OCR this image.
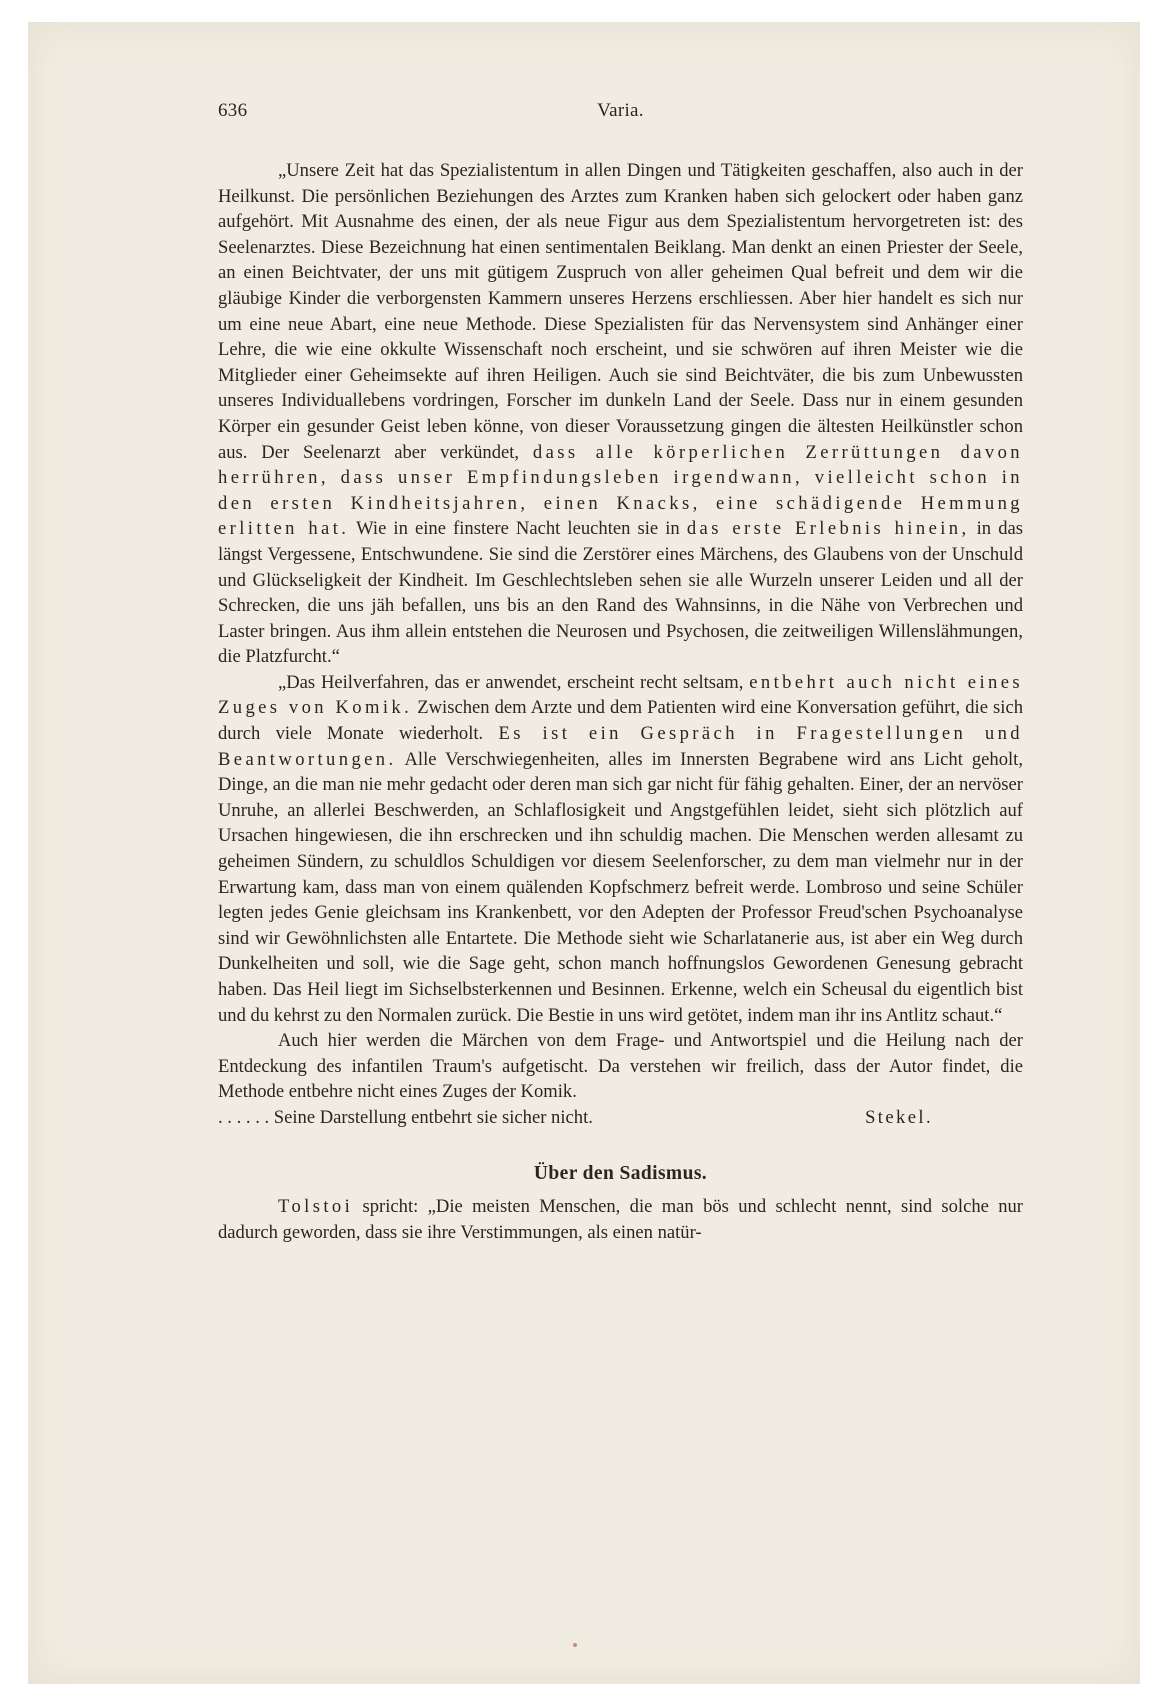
636	Varia.

„Unsere Zeit hat das Spezialistentum in allen Dingen und Tätigkeiten geschaffen, also auch in der Heilkunst. Die persönlichen Beziehungen des Arztes zum Kranken haben sich gelockert oder haben ganz aufgehört. Mit Ausnahme des einen, der als neue Figur aus dem Spezialistentum hervorgetreten ist: des Seelenarztes. Diese Bezeichnung hat einen sentimentalen Beiklang. Man denkt an einen Priester der Seele, an einen Beichtvater, der uns mit gütigem Zuspruch von aller geheimen Qual befreit und dem wir die gläubige Kinder die verborgensten Kammern unseres Herzens erschliessen. Aber hier handelt es sich nur um eine neue Abart, eine neue Methode. Diese Spezialisten für das Nervensystem sind Anhänger einer Lehre, die wie eine okkulte Wissenschaft noch erscheint, und sie schwören auf ihren Meister wie die Mitglieder einer Geheimsekte auf ihren Heiligen. Auch sie sind Beichtväter, die bis zum Unbewussten unseres Individuallebens vordringen, Forscher im dunkeln Land der Seele. Dass nur in einem gesunden Körper ein gesunder Geist leben könne, von dieser Voraussetzung gingen die ältesten Heilkünstler schon aus. Der Seelenarzt aber verkündet, dass alle körperlichen Zerrüttungen davon herrühren, dass unser Empfindungsleben irgendwann, vielleicht schon in den ersten Kindheitsjahren, einen Knacks, eine schädigende Hemmung erlitten hat. Wie in eine finstere Nacht leuchten sie in das erste Erlebnis hinein, in das längst Vergessene, Entschwundene. Sie sind die Zerstörer eines Märchens, des Glaubens von der Unschuld und Glückseligkeit der Kindheit. Im Geschlechtsleben sehen sie alle Wurzeln unserer Leiden und all der Schrecken, die uns jäh befallen, uns bis an den Rand des Wahnsinns, in die Nähe von Verbrechen und Laster bringen. Aus ihm allein entstehen die Neurosen und Psychosen, die zeitweiligen Willenslähmungen, die Platzfurcht.“

„Das Heilverfahren, das er anwendet, erscheint recht seltsam, entbehrt auch nicht eines Zuges von Komik. Zwischen dem Arzte und dem Patienten wird eine Konversation geführt, die sich durch viele Monate wiederholt. Es ist ein Gespräch in Fragestellungen und Beantwortungen. Alle Verschwiegenheiten, alles im Innersten Begrabene wird ans Licht geholt, Dinge, an die man nie mehr gedacht oder deren man sich gar nicht für fähig gehalten. Einer, der an nervöser Unruhe, an allerlei Beschwerden, an Schlaflosigkeit und Angstgefühlen leidet, sieht sich plötzlich auf Ursachen hingewiesen, die ihn erschrecken und ihn schuldig machen. Die Menschen werden allesamt zu geheimen Sündern, zu schuldlos Schuldigen vor diesem Seelenforscher, zu dem man vielmehr nur in der Erwartung kam, dass man von einem quälenden Kopfschmerz befreit werde. Lombroso und seine Schüler legten jedes Genie gleichsam ins Krankenbett, vor den Adepten der Professor Freud'schen Psychoanalyse sind wir Gewöhnlichsten alle Entartete. Die Methode sieht wie Scharlatanerie aus, ist aber ein Weg durch Dunkelheiten und soll, wie die Sage geht, schon manch hoffnungslos Gewordenen Genesung gebracht haben. Das Heil liegt im Sichselbsterkennen und Besinnen. Erkenne, welch ein Scheusal du eigentlich bist und du kehrst zu den Normalen zurück. Die Bestie in uns wird getötet, indem man ihr ins Antlitz schaut.“

Auch hier werden die Märchen von dem Frage- und Antwortspiel und die Heilung nach der Entdeckung des infantilen Traum's aufgetischt. Da verstehen wir freilich, dass der Autor findet, die Methode entbehre nicht eines Zuges der Komik.

. . . . . . Seine Darstellung entbehrt sie sicher nicht.	Stekel.

Über den Sadismus.

Tolstoi spricht: „Die meisten Menschen, die man bös und schlecht nennt, sind solche nur dadurch geworden, dass sie ihre Verstimmungen, als einen natür-
